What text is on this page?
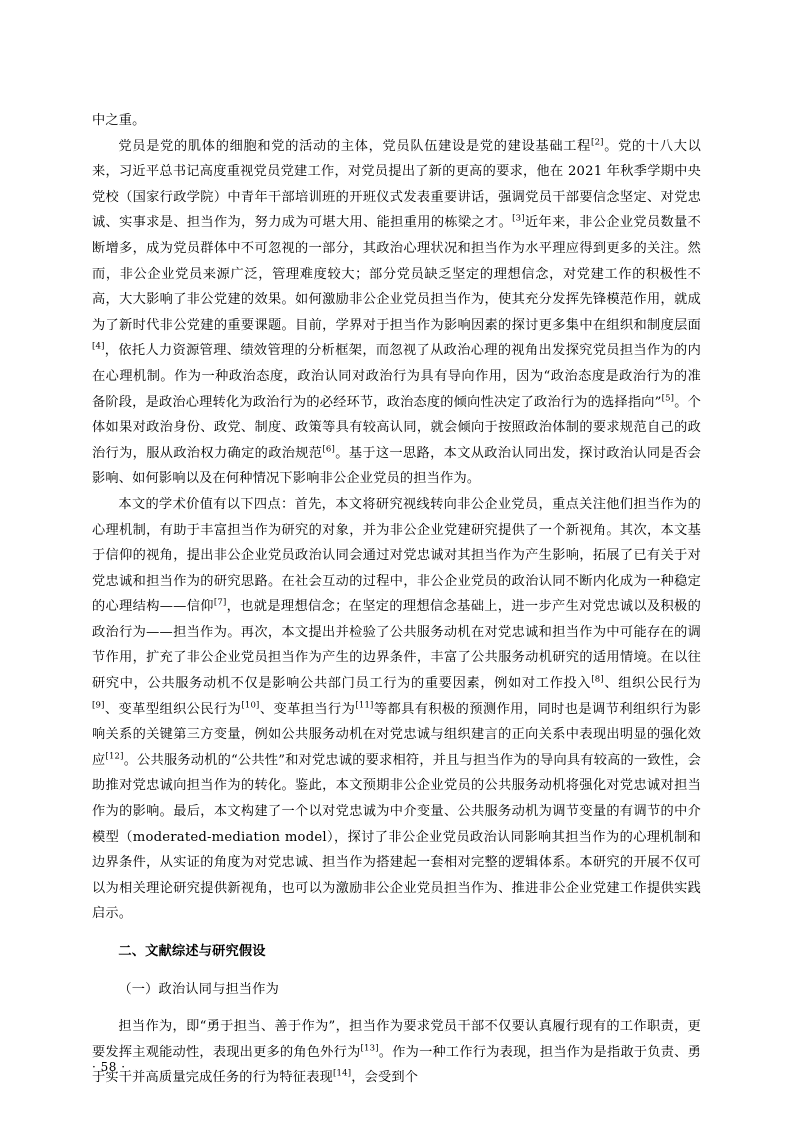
中之重。

党员是党的肌体的细胞和党的活动的主体，党员队伍建设是党的建设基础工程[2]。党的十八大以来，习近平总书记高度重视党员党建工作，对党员提出了新的更高的要求，他在 2021 年秋季学期中央党校（国家行政学院）中青年干部培训班的开班仪式发表重要讲话，强调党员干部要信念坚定、对党忠诚、实事求是、担当作为，努力成为可堪大用、能担重用的栋梁之才。[3]近年来，非公企业党员数量不断增多，成为党员群体中不可忽视的一部分，其政治心理状况和担当作为水平理应得到更多的关注。然而，非公企业党员来源广泛，管理难度较大；部分党员缺乏坚定的理想信念，对党建工作的积极性不高，大大影响了非公党建的效果。如何激励非公企业党员担当作为，使其充分发挥先锋模范作用，就成为了新时代非公党建的重要课题。目前，学界对于担当作为影响因素的探讨更多集中在组织和制度层面[4]，依托人力资源管理、绩效管理的分析框架，而忽视了从政治心理的视角出发探究党员担当作为的内在心理机制。作为一种政治态度，政治认同对政治行为具有导向作用，因为“政治态度是政治行为的准备阶段，是政治心理转化为政治行为的必经环节，政治态度的倾向性决定了政治行为的选择指向”[5]。个体如果对政治身份、政党、制度、政策等具有较高认同，就会倾向于按照政治体制的要求规范自己的政治行为，服从政治权力确定的政治规范[6]。基于这一思路，本文从政治认同出发，探讨政治认同是否会影响、如何影响以及在何种情况下影响非公企业党员的担当作为。

本文的学术价值有以下四点：首先，本文将研究视线转向非公企业党员，重点关注他们担当作为的心理机制，有助于丰富担当作为研究的对象，并为非公企业党建研究提供了一个新视角。其次，本文基于信仰的视角，提出非公企业党员政治认同会通过对党忠诚对其担当作为产生影响，拓展了已有关于对党忠诚和担当作为的研究思路。在社会互动的过程中，非公企业党员的政治认同不断内化成为一种稳定的心理结构——信仰[7]，也就是理想信念；在坚定的理想信念基础上，进一步产生对党忠诚以及积极的政治行为——担当作为。再次，本文提出并检验了公共服务动机在对党忠诚和担当作为中可能存在的调节作用，扩充了非公企业党员担当作为产生的边界条件，丰富了公共服务动机研究的适用情境。在以往研究中，公共服务动机不仅是影响公共部门员工行为的重要因素，例如对工作投入[8]、组织公民行为[9]、变革型组织公民行为[10]、变革担当行为[11]等都具有积极的预测作用，同时也是调节利组织行为影响关系的关键第三方变量，例如公共服务动机在对党忠诚与组织建言的正向关系中表现出明显的强化效应[12]。公共服务动机的“公共性”和对党忠诚的要求相符，并且与担当作为的导向具有较高的一致性，会助推对党忠诚向担当作为的转化。鉴此，本文预期非公企业党员的公共服务动机将强化对党忠诚对担当作为的影响。最后，本文构建了一个以对党忠诚为中介变量、公共服务动机为调节变量的有调节的中介模型（moderated-mediation model），探讨了非公企业党员政治认同影响其担当作为的心理机制和边界条件，从实证的角度为对党忠诚、担当作为搭建起一套相对完整的逻辑体系。本研究的开展不仅可以为相关理论研究提供新视角，也可以为激励非公企业党员担当作为、推进非公企业党建工作提供实践启示。

二、文献综述与研究假设

（一）政治认同与担当作为

担当作为，即“勇于担当、善于作为”，担当作为要求党员干部不仅要认真履行现有的工作职责，更要发挥主观能动性，表现出更多的角色外行为[13]。作为一种工作行为表现，担当作为是指敢于负责、勇于实干并高质量完成任务的行为特征表现[14]，会受到个

· 58 ·
